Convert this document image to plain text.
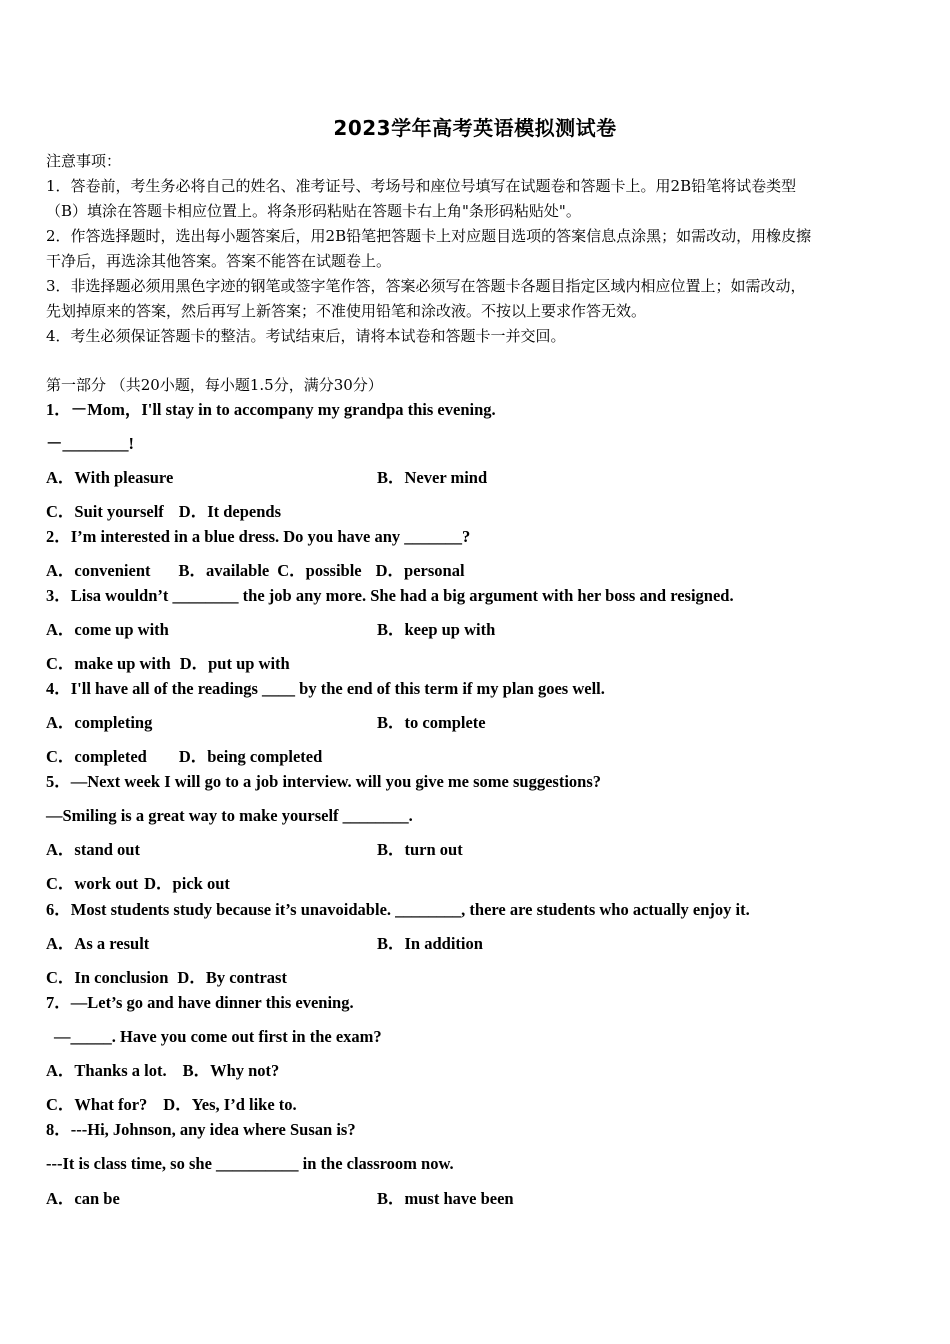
2023学年高考英语模拟测试卷
注意事项：
1．答卷前，考生务必将自己的姓名、准考证号、考场号和座位号填写在试题卷和答题卡上。用2B铅笔将试卷类型
（B）填涂在答题卡相应位置上。将条形码粘贴在答题卡右上角"条形码粘贴处"。
2．作答选择题时，选出每小题答案后，用2B铅笔把答题卡上对应题目选项的答案信息点涂黑；如需改动，用橡皮擦
干净后，再选涂其他答案。答案不能答在试题卷上。
3．非选择题必须用黑色字迹的钢笔或签字笔作答，答案必须写在答题卡各题目指定区域内相应位置上；如需改动，
先划掉原来的答案，然后再写上新答案；不准使用铅笔和涂改液。不按以上要求作答无效。
4．考生必须保证答题卡的整洁。考试结束后，请将本试卷和答题卡一并交回。
第一部分 （共20小题，每小题1.5分，满分30分）
1．－Mom，I'll stay in to accompany my grandpa this evening.
－________!
A．With pleasure	B．Never mind
C．Suit yourself D．It depends
2．I’m interested in a blue dress. Do you have any _______?
A．convenient B．available C．possible D．personal
3．Lisa wouldn’t ________ the job any more. She had a big argument with her boss and resigned.
A．come up with	B．keep up with
C．make up with D．put up with
4．I'll have all of the readings ____ by the end of this term if my plan goes well.
A．completing	B．to complete
C．completed D．being completed
5．—Next week I will go to a job interview. will you give me some suggestions?
—Smiling is a great way to make yourself ________.
A．stand out	B．turn out
C．work out D．pick out
6．Most students study because it’s unavoidable. ________, there are students who actually enjoy it.
A．As a result	B．In addition
C．In conclusion D．By contrast
7．—Let’s go and have dinner this evening.
—_____. Have you come out first in the exam?
A．Thanks a lot. B．Why not?
C．What for? D．Yes, I’d like to.
8．---Hi, Johnson, any idea where Susan is?
---It is class time, so she __________ in the classroom now.
A．can be	B．must have been
